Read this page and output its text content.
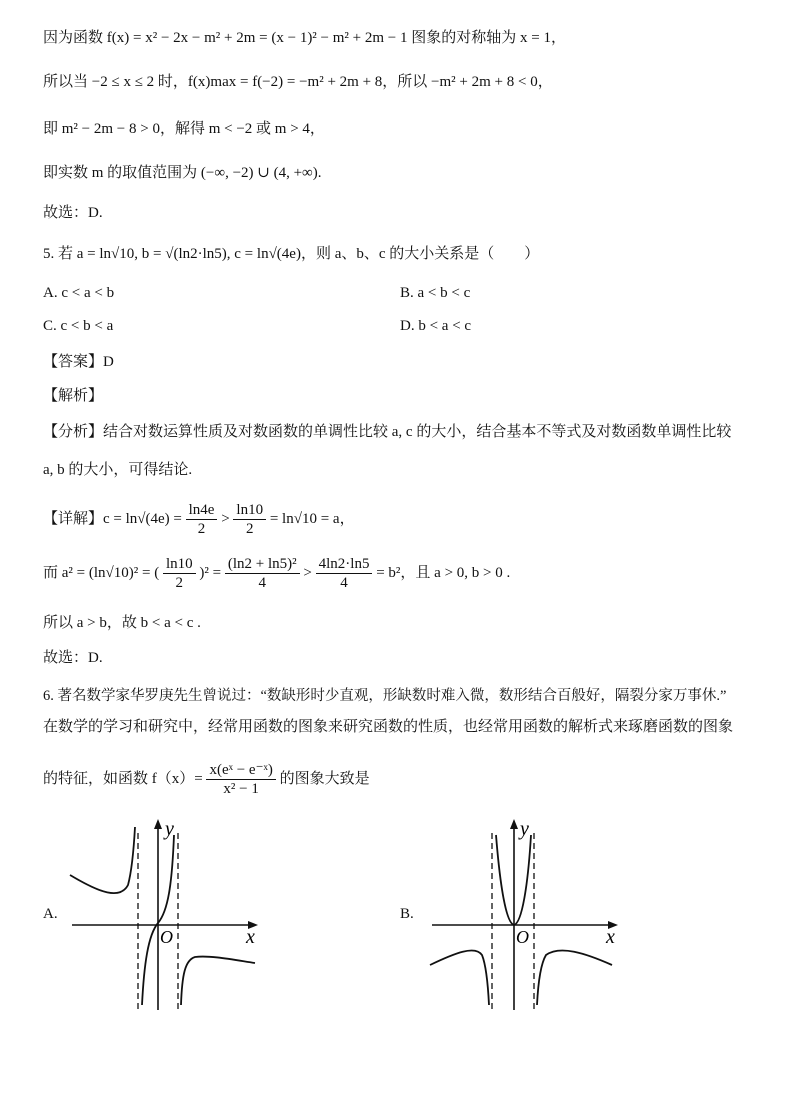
因为函数 f(x) = x² − 2x − m² + 2m = (x − 1)² − m² + 2m − 1 图象的对称轴为 x = 1，
所以当 −2 ≤ x ≤ 2 时，f(x)max = f(−2) = −m² + 2m + 8，所以 −m² + 2m + 8 < 0，
即 m² − 2m − 8 > 0，解得 m < −2 或 m > 4，
即实数 m 的取值范围为 (−∞, −2) ∪ (4, +∞).
故选：D.
5. 若 a = ln√10, b = √(ln2·ln5), c = ln√(4e)，则 a、b、c 的大小关系是（　　）
A. c < a < b	B. a < b < c
C. c < b < a	D. b < a < c
【答案】D
【解析】
【分析】结合对数运算性质及对数函数的单调性比较 a, c 的大小，结合基本不等式及对数函数单调性比较
a, b 的大小，可得结论.
【详解】$c = \ln√(4e) = \frac{\ln 4e}{2} > \frac{\ln 10}{2} = \ln√10 = a$，
而 a² = (ln√10)² = ( $\frac{\ln 10}{2} )^2 = \frac{\text{(ln2 + ln5)²}}{4} > \frac{4\ln 2\cdot\ln 5}{4} = b^2$，且 a > 0, b > 0 .
所以 a > b，故 b < a < c .
故选：D.
6. 著名数学家华罗庚先生曾说过：“数缺形时少直观，形缺数时难入微，数形结合百般好，隔裂分家万事休.”
在数学的学习和研究中，经常用函数的图象来研究函数的性质，也经常用函数的解析式来琢磨函数的图象
的特征，如函数 $f(x)= \frac{\text{x(eˣ − e⁻ˣ)}}{\text{x² − 1}}$ 的图象大致是
A.
x
y
O
B.
x
y
O
